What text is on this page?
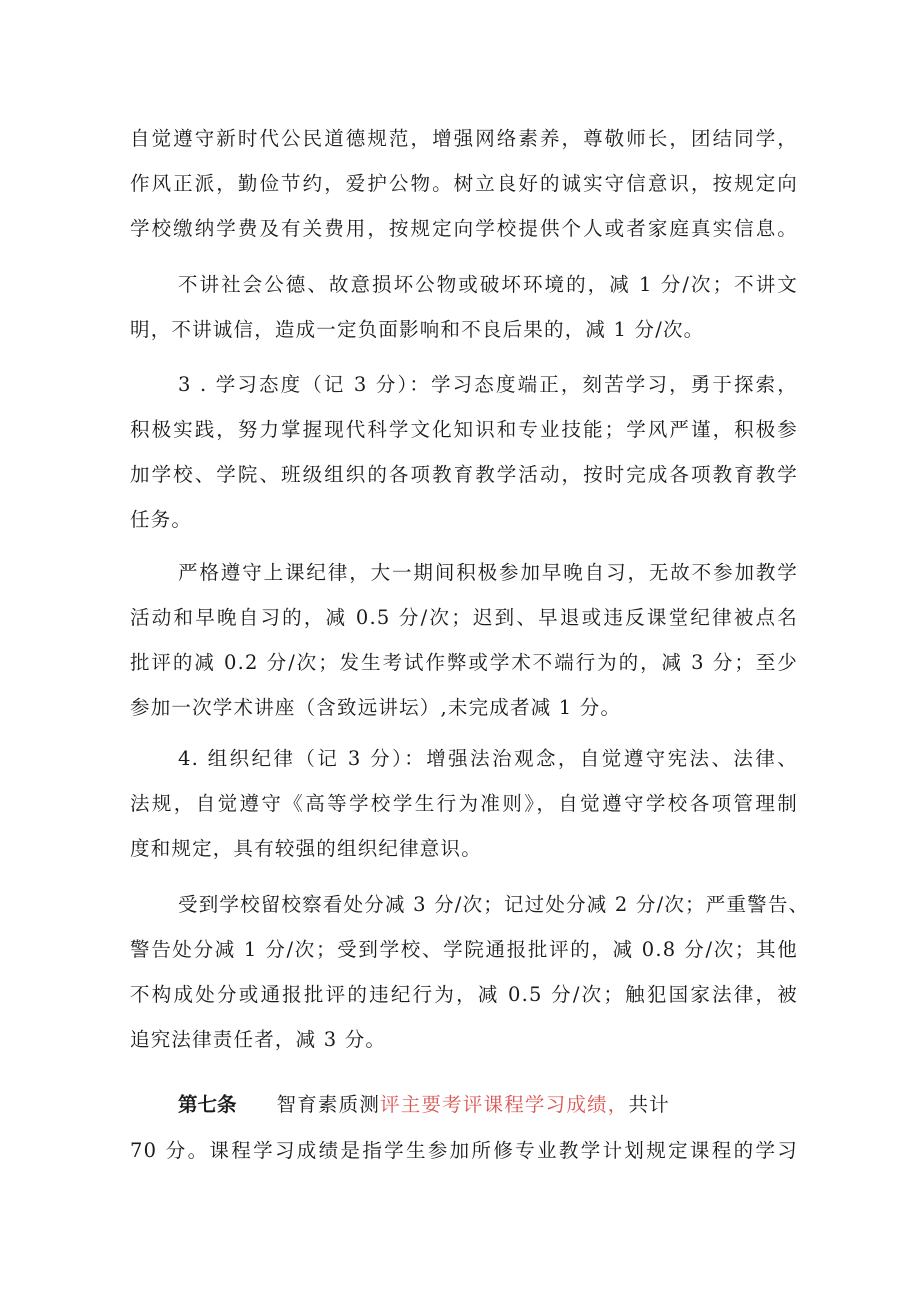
自觉遵守新时代公民道德规范，增强网络素养，尊敬师长，团结同学，
作风正派，勤俭节约，爱护公物。树立良好的诚实守信意识，按规定向
学校缴纳学费及有关费用，按规定向学校提供个人或者家庭真实信息。
不讲社会公德、故意损坏公物或破坏环境的，减 1 分/次；不讲文
明，不讲诚信，造成一定负面影响和不良后果的，减 1 分/次。
3 . 学习态度（记 3 分）：学习态度端正，刻苦学习，勇于探索，
积极实践，努力掌握现代科学文化知识和专业技能；学风严谨，积极参
加学校、学院、班级组织的各项教育教学活动，按时完成各项教育教学
任务。
严格遵守上课纪律，大一期间积极参加早晚自习，无故不参加教学
活动和早晚自习的，减 0.5 分/次；迟到、早退或违反课堂纪律被点名
批评的减 0.2 分/次；发生考试作弊或学术不端行为的，减 3 分；至少
参加一次学术讲座（含致远讲坛）,未完成者减 1 分。
4. 组织纪律（记 3 分）：增强法治观念，自觉遵守宪法、法律、
法规，自觉遵守《高等学校学生行为准则》，自觉遵守学校各项管理制
度和规定，具有较强的组织纪律意识。
受到学校留校察看处分减 3 分/次；记过处分减 2 分/次；严重警告、
警告处分减 1 分/次；受到学校、学院通报批评的，减 0.8 分/次；其他
不构成处分或通报批评的违纪行为，减 0.5 分/次；触犯国家法律，被
追究法律责任者，减 3 分。
第七条 智育素质测评主要考评课程学习成绩，共计
70 分。课程学习成绩是指学生参加所修专业教学计划规定课程的学习
